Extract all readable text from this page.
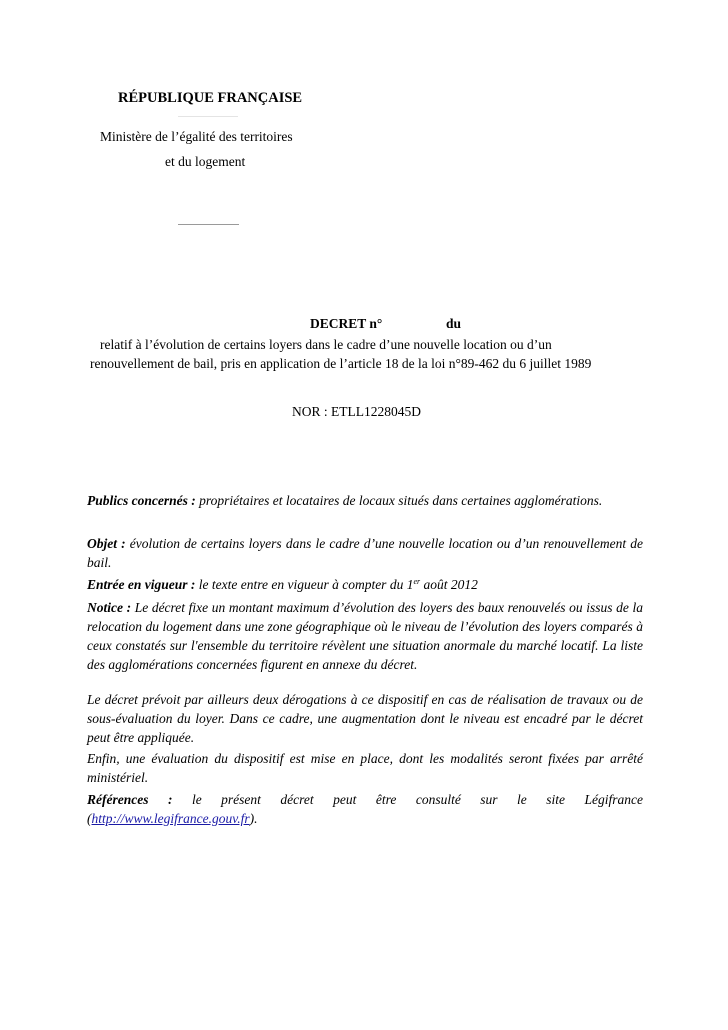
RÉPUBLIQUE FRANÇAISE
Ministère de l’égalité des territoires
et du logement
DECRET n°	du
relatif à l’évolution de certains loyers dans le cadre d’une nouvelle location ou d’un
renouvellement de bail, pris en application de l’article 18 de la loi n°89-462 du 6 juillet 1989
NOR : ETLL1228045D
Publics concernés : propriétaires et locataires de locaux situés dans certaines agglomérations.
Objet : évolution de certains loyers dans le cadre d’une nouvelle location ou d’un renouvellement de bail.
Entrée en vigueur : le texte entre en vigueur à compter du 1er août 2012
Notice : Le décret fixe un montant maximum d’évolution des loyers des baux renouvelés ou issus de la relocation du logement dans une zone géographique où le niveau de l’évolution des loyers comparés à ceux constatés sur l'ensemble du territoire révèlent une situation anormale du marché locatif. La liste des agglomérations concernées figurent en annexe du décret.
Le décret prévoit par ailleurs deux dérogations à ce dispositif en cas de réalisation de travaux ou de sous-évaluation du loyer. Dans ce cadre, une augmentation dont le niveau est encadré par le décret peut être appliquée.
Enfin, une évaluation du dispositif est mise en place, dont les modalités seront fixées par arrêté ministériel.
Références : le présent décret peut être consulté sur le site Légifrance
(http://www.legifrance.gouv.fr).
